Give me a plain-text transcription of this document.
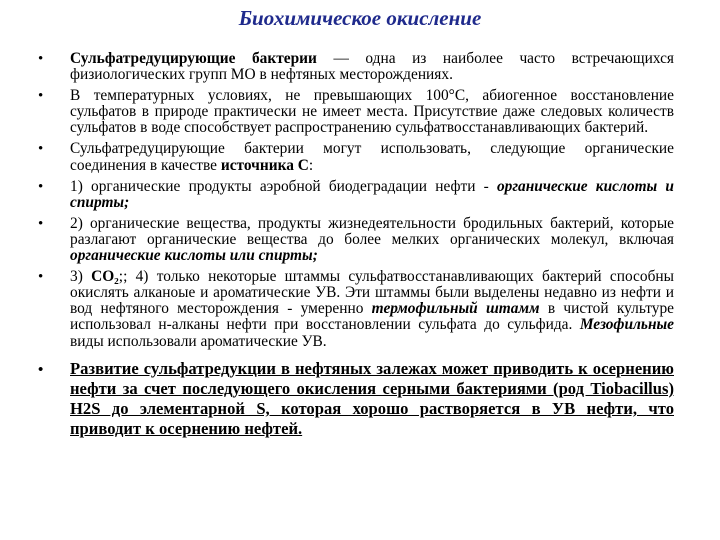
Биохимическое окисление
• Сульфатредуцирующие бактерии — одна из наиболее часто встречающихся физиологических групп МО в нефтяных месторождениях.
• В температурных условиях, не превышающих 100°С, абиогенное восстановление сульфатов в природе практически не имеет места. Присутствие даже следовых количеств сульфатов в воде способствует распространению сульфатвосстанавливающих бактерий.
• Сульфатредуцирующие бактерии могут использовать, следующие органические соединения в качестве источника С:
• 1) органические продукты аэробной биодеградации нефти - органические кислоты и спирты;
• 2) органические вещества, продукты жизнедеятельности бродильных бактерий, которые разлагают органические вещества до более мелких органических молекул, включая органические кислоты или спирты;
• 3) СО₂;; 4) только некоторые штаммы сульфатвосстанавливающих бактерий способны окислять алканоые и ароматические УВ. Эти штаммы были выделены недавно из нефти и вод нефтяного месторождения - умеренно термофильный штамм в чистой культуре использовал н-алканы нефти при восстановлении сульфата до сульфида. Мезофильные виды использовали ароматические УВ.
• Развитие сульфатредукции в нефтяных залежах может приводить к осернению нефти за счет последующего окисления серными бактериями (род Tiobacillus) H2S до элементарной S, которая хорошо растворяется в УВ нефти, что приводит к осернению нефтей.
